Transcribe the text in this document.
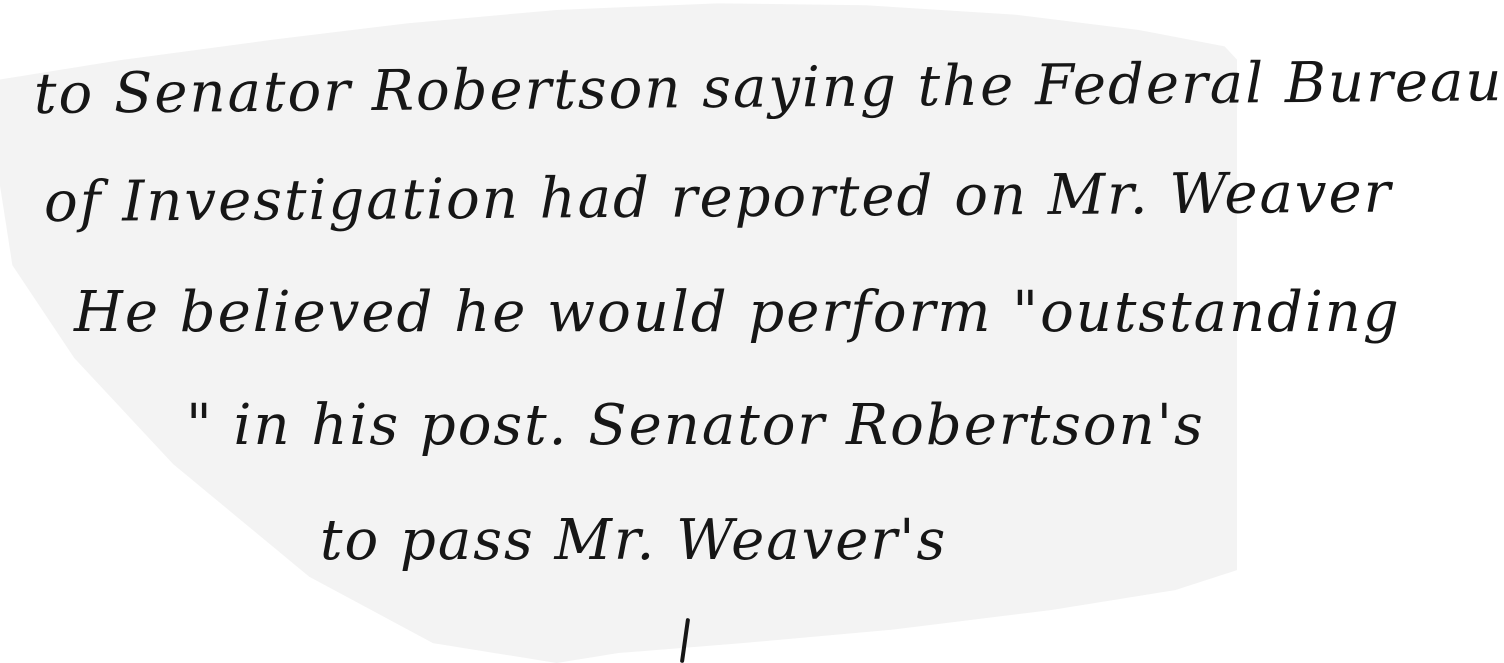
to Senator Robertson saying the Federal Bureau

of Investigation had reported on Mr. Weaver

He believed he would perform "outstanding

" in his post. Senator Robertson's

to pass Mr. Weaver's
